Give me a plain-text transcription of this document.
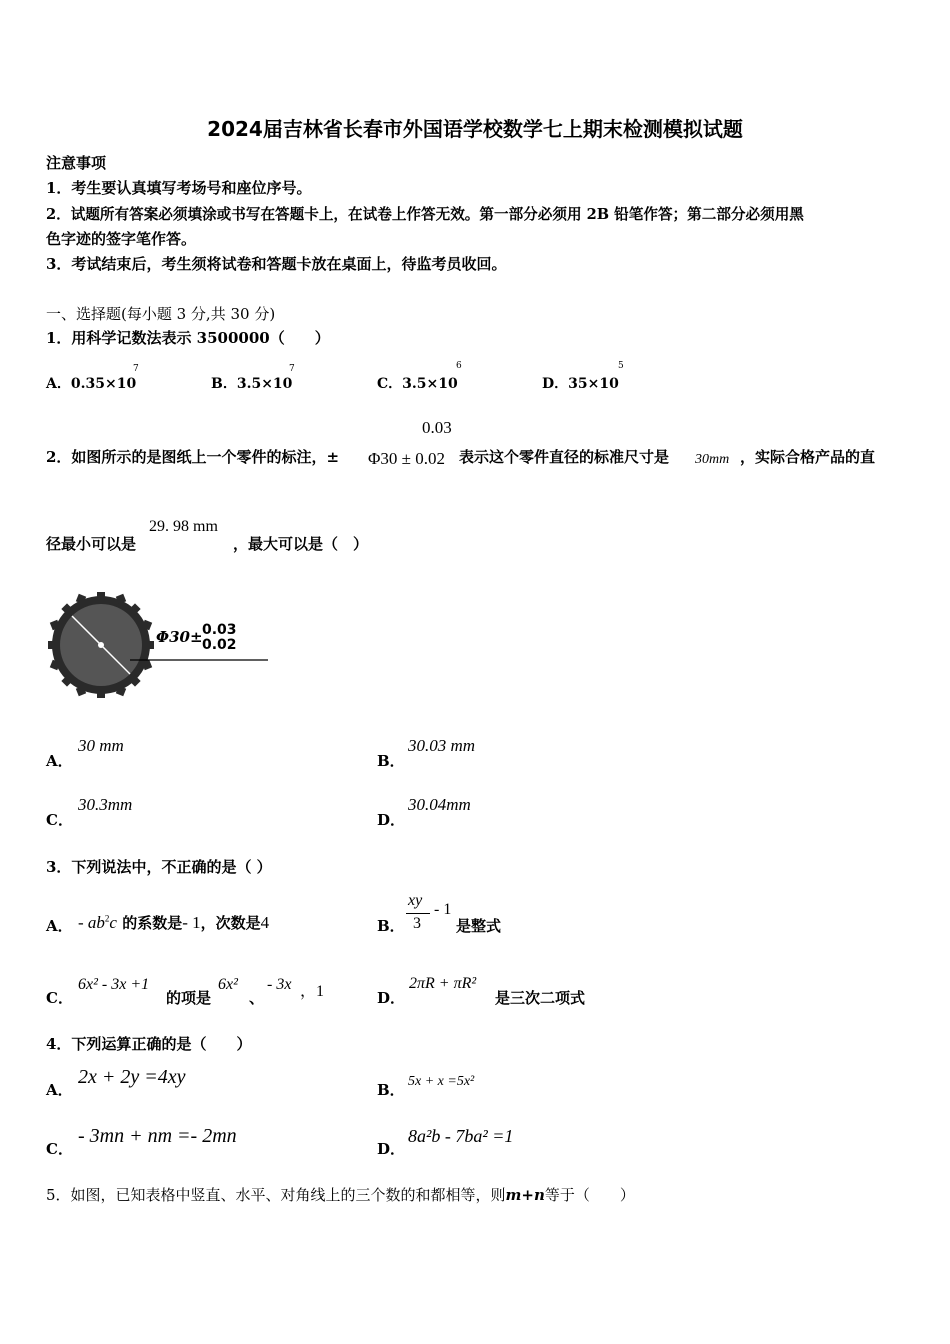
2024届吉林省长春市外国语学校数学七上期末检测模拟试题
注意事项
1．考生要认真填写考场号和座位序号。
2．试题所有答案必须填涂或书写在答题卡上，在试卷上作答无效。第一部分必须用 2B 铅笔作答；第二部分必须用黑
色字迹的签字笔作答。
3．考试结束后，考生须将试卷和答题卡放在桌面上，待监考员收回。
一、选择题(每小题 3 分,共 30 分)
1．用科学记数法表示 3500000（　　）
A．0.35×10
7
B．3.5×10
7
C．3.5×10
6
D．35×10
5
0.03
2．如图所示的是图纸上一个零件的标注，± Φ30 ± 0.02 表示这个零件直径的标准尺寸是 30mm ，实际合格产品的直
径最小可以是
29. 98 mm
，最大可以是（　）
Φ30± 0.03
0.02
A．
30 mm
B．
30.03 mm
C．
30.3mm
D．
30.04mm
3．下列说法中，不正确的是（ ）
A． - $ab^2c$ 的系数是- 1，次数是4	B．
xy
3
- 1
是整式
C．
6x² - 3x +1
的项是
6x²
、
- 3x ，1	D．
2πR + πR²
是三次二项式
4．下列运算正确的是（　　）
A．
2x + 2y =4xy
B． 5x + x =5x²
C．
- 3mn + nm =- 2mn
D．
8a²b - 7ba² =1
5．如图，已知表格中竖直、水平、对角线上的三个数的和都相等，则m+n等于（　　）
